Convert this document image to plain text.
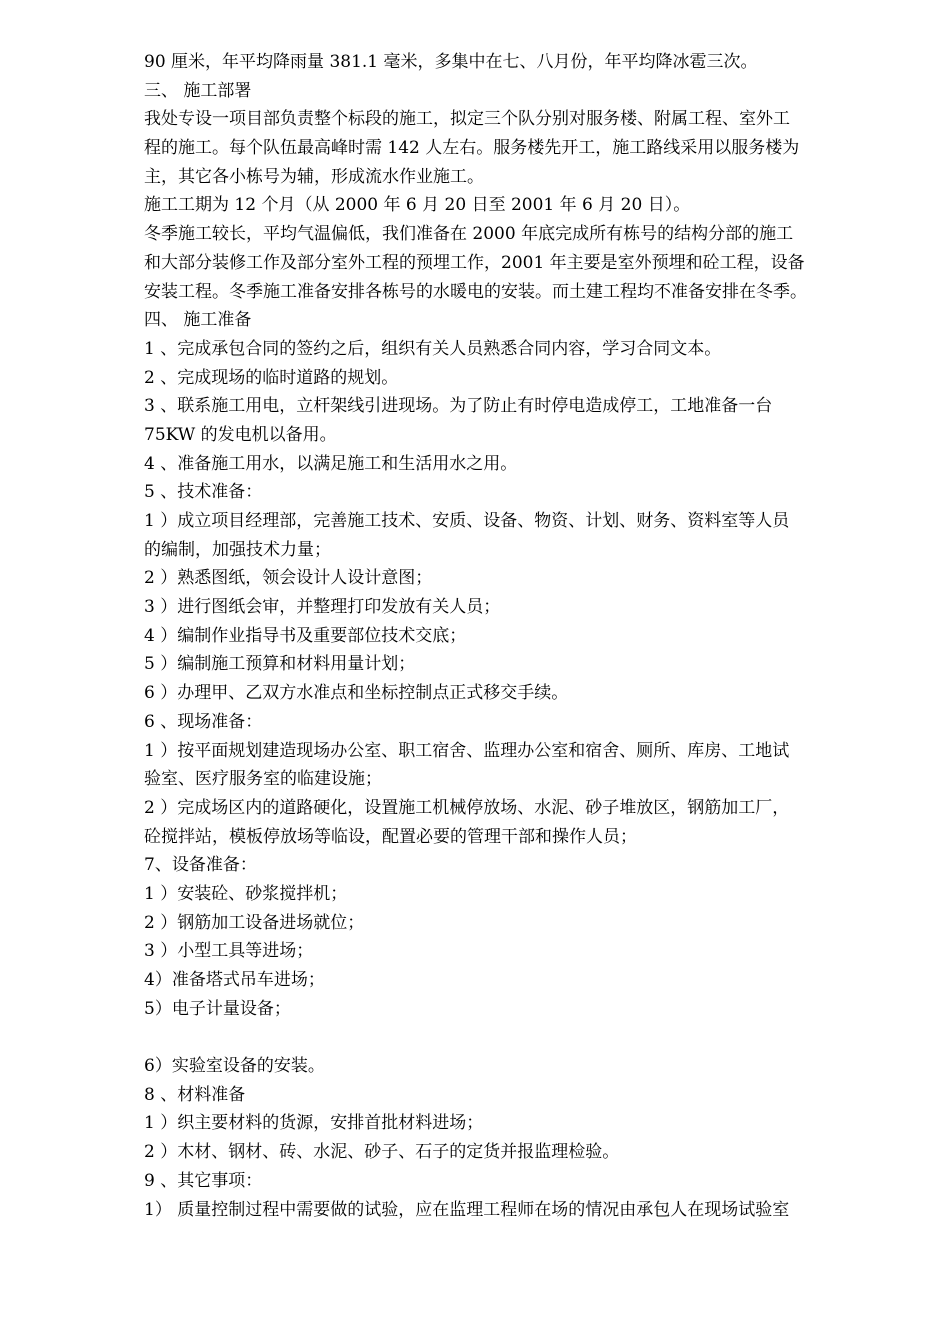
90 厘米，年平均降雨量 381.1 毫米，多集中在七、八月份，年平均降冰雹三次。
三、 施工部署
我处专设一项目部负责整个标段的施工，拟定三个队分别对服务楼、附属工程、室外工
程的施工。每个队伍最高峰时需 142 人左右。服务楼先开工，施工路线采用以服务楼为
主，其它各小栋号为辅，形成流水作业施工。
施工工期为 12 个月（从 2000 年 6 月 20 日至 2001 年 6 月 20 日）。
冬季施工较长，平均气温偏低，我们准备在 2000 年底完成所有栋号的结构分部的施工
和大部分装修工作及部分室外工程的预埋工作，2001 年主要是室外预埋和砼工程，设备
安装工程。冬季施工准备安排各栋号的水暖电的安装。而土建工程均不准备安排在冬季。
四、 施工准备
1 、完成承包合同的签约之后，组织有关人员熟悉合同内容，学习合同文本。
2 、完成现场的临时道路的规划。
3 、联系施工用电，立杆架线引进现场。为了防止有时停电造成停工，工地准备一台
75KW 的发电机以备用。
4 、准备施工用水，以满足施工和生活用水之用。
5 、技术准备：
1 ）成立项目经理部，完善施工技术、安质、设备、物资、计划、财务、资料室等人员
的编制，加强技术力量；
2 ）熟悉图纸，领会设计人设计意图；
3 ）进行图纸会审，并整理打印发放有关人员；
4 ）编制作业指导书及重要部位技术交底；
5 ）编制施工预算和材料用量计划；
6 ）办理甲、乙双方水准点和坐标控制点正式移交手续。
6 、现场准备：
1 ）按平面规划建造现场办公室、职工宿舍、监理办公室和宿舍、厕所、库房、工地试
验室、医疗服务室的临建设施；
2 ）完成场区内的道路硬化，设置施工机械停放场、水泥、砂子堆放区，钢筋加工厂，
砼搅拌站，模板停放场等临设，配置必要的管理干部和操作人员；
7、设备准备：
1 ）安装砼、砂浆搅拌机；
2 ）钢筋加工设备进场就位；
3 ）小型工具等进场；
4）准备塔式吊车进场；
5）电子计量设备；
6）实验室设备的安装。
8 、材料准备
1 ）织主要材料的货源，安排首批材料进场；
2 ）木材、钢材、砖、水泥、砂子、石子的定货并报监理检验。
9 、其它事项：
1） 质量控制过程中需要做的试验，应在监理工程师在场的情况由承包人在现场试验室
